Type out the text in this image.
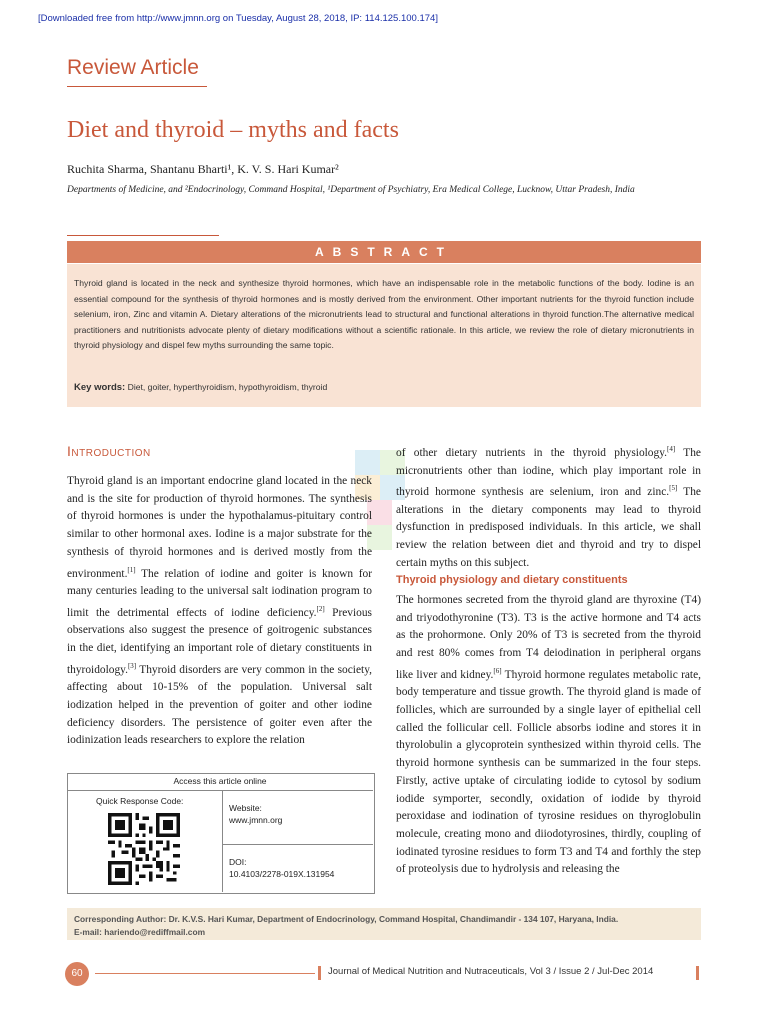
[Downloaded free from http://www.jmnn.org on Tuesday, August 28, 2018, IP: 114.125.100.174]
Review Article
Diet and thyroid – myths and facts
Ruchita Sharma, Shantanu Bharti¹, K. V. S. Hari Kumar²
Departments of Medicine, and ²Endocrinology, Command Hospital, ¹Department of Psychiatry, Era Medical College, Lucknow, Uttar Pradesh, India
ABSTRACT
Thyroid gland is located in the neck and synthesize thyroid hormones, which have an indispensable role in the metabolic functions of the body. Iodine is an essential compound for the synthesis of thyroid hormones and is mostly derived from the environment. Other important nutrients for the thyroid function include selenium, iron, Zinc and vitamin A. Dietary alterations of the micronutrients lead to structural and functional alterations in thyroid function.The alternative medical practitioners and nutritionists advocate plenty of dietary modifications without a scientific rationale. In this article, we review the role of dietary micronutrients in thyroid physiology and dispel few myths surrounding the same topic.
Key words: Diet, goiter, hyperthyroidism, hypothyroidism, thyroid
Introduction
Thyroid gland is an important endocrine gland located in the neck and is the site for production of thyroid hormones. The synthesis of thyroid hormones is under the hypothalamus-pituitary control similar to other hormonal axes. Iodine is a major substrate for the synthesis of thyroid hormones and is derived mostly from the environment.[1] The relation of iodine and goiter is known for many centuries leading to the universal salt iodination program to limit the detrimental effects of iodine deficiency.[2] Previous observations also suggest the presence of goitrogenic substances in the diet, identifying an important role of dietary constituents in thyroidology.[3] Thyroid disorders are very common in the society, affecting about 10-15% of the population. Universal salt iodization helped in the prevention of goiter and other iodine deficiency disorders. The persistence of goiter even after the iodinization leads researchers to explore the relation
of other dietary nutrients in the thyroid physiology.[4] The micronutrients other than iodine, which play important role in thyroid hormone synthesis are selenium, iron and zinc.[5] The alterations in the dietary components may lead to thyroid dysfunction in predisposed individuals. In this article, we shall review the relation between diet and thyroid and try to dispel certain myths on this subject.
Thyroid physiology and dietary constituents
The hormones secreted from the thyroid gland are thyroxine (T4) and triyodothyronine (T3). T3 is the active hormone and T4 acts as the prohormone. Only 20% of T3 is secreted from the thyroid and rest 80% comes from T4 deiodination in peripheral organs like liver and kidney.[6] Thyroid hormone regulates metabolic rate, body temperature and tissue growth. The thyroid gland is made of follicles, which are surrounded by a single layer of epithelial cell called the follicular cell. Follicle absorbs iodine and stores it in thyrolobulin a glycoprotein synthesized within thyroid cells. The thyroid hormone synthesis can be summarized in the four steps. Firstly, active uptake of circulating iodide to cytosol by sodium iodide symporter, secondly, oxidation of iodide by thyroid peroxidase and iodination of tyrosine residues on thyroglobulin molecule, creating mono and diiodotyrosines, thirdly, coupling of iodinated tyrosine residues to form T3 and T4 and forthly the step of proteolysis due to hydrolysis and releasing the
Access this article online
Quick Response Code:
Website:
www.jmnn.org
DOI:
10.4103/2278-019X.131954
Corresponding Author: Dr. K.V.S. Hari Kumar, Department of Endocrinology, Command Hospital, Chandimandir - 134 107, Haryana, India.
E-mail: hariendo@rediffmail.com
60	Journal of Medical Nutrition and Nutraceuticals, Vol 3 / Issue 2 / Jul-Dec 2014
